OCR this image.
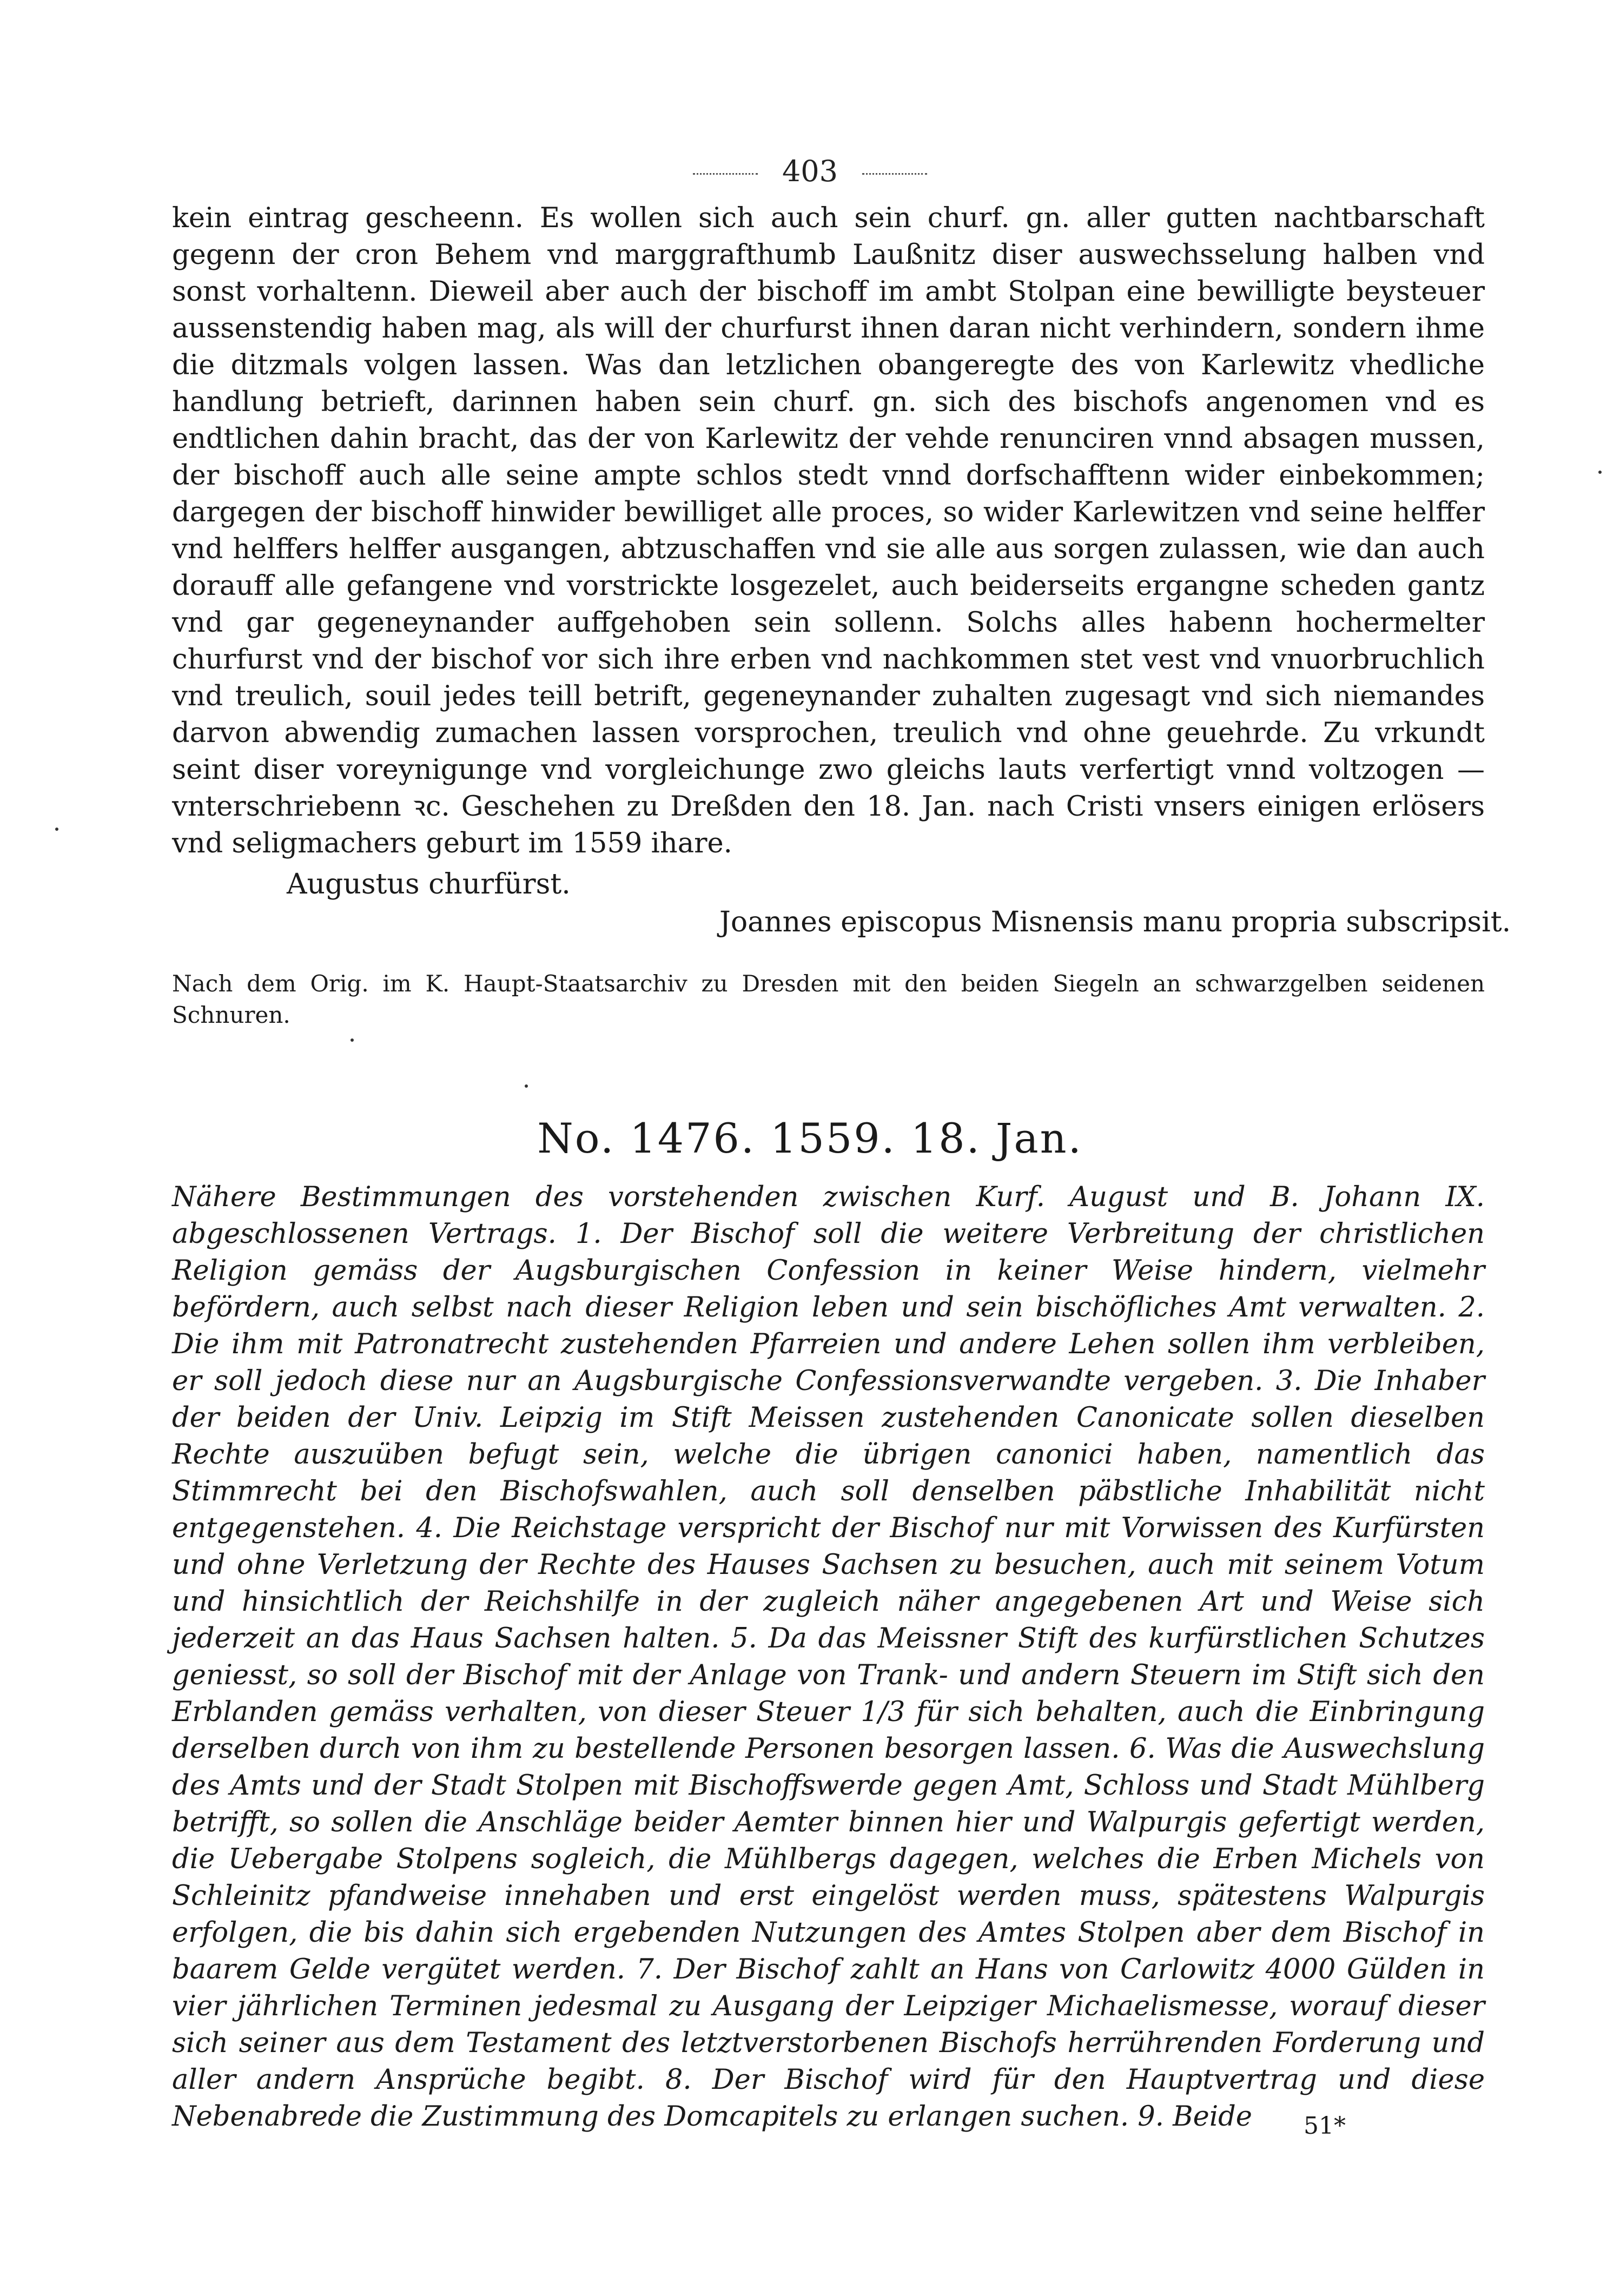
403

kein eintrag gescheenn. Es wollen sich auch sein churf. gn. aller gutten nachtbarschaft gegenn der cron Behem vnd marggrafthumb Laußnitz diser auswechsselung halben vnd sonst vorhaltenn. Dieweil aber auch der bischoff im ambt Stolpan eine bewilligte beysteuer aussenstendig haben mag, als will der churfurst ihnen daran nicht verhindern, sondern ihme die ditzmals volgen lassen. Was dan letzlichen obangeregte des von Karlewitz vhedliche handlung betrieft, darinnen haben sein churf. gn. sich des bischofs angenomen vnd es endtlichen dahin bracht, das der von Karlewitz der vehde renunciren vnnd absagen mussen, der bischoff auch alle seine ampte schlos stedt vnnd dorfschafftenn wider einbekommen; dargegen der bischoff hinwider bewilliget alle proces, so wider Karlewitzen vnd seine helffer vnd helffers helffer ausgangen, abtzuschaffen vnd sie alle aus sorgen zulassen, wie dan auch dorauff alle gefangene vnd vorstrickte losgezelet, auch beiderseits ergangne scheden gantz vnd gar gegeneynander auffgehoben sein sollenn. Solchs alles habenn hochermelter churfurst vnd der bischof vor sich ihre erben vnd nachkommen stet vest vnd vnuorbruchlich vnd treulich, souil jedes teill betrift, gegeneynander zuhalten zugesagt vnd sich niemandes darvon abwendig zumachen lassen vorsprochen, treulich vnd ohne geuehrde. Zu vrkundt seint diser voreynigunge vnd vorgleichunge zwo gleichs lauts verfertigt vnnd voltzogen — vnterschriebenn ꝛc. Geschehen zu Dreßden den 18. Jan. nach Cristi vnsers einigen erlösers vnd seligmachers geburt im 1559 ihare.

Augustus churfürst.
Joannes episcopus Misnensis manu propria subscripsit.
Nach dem Orig. im K. Haupt-Staatsarchiv zu Dresden mit den beiden Siegeln an schwarzgelben seidenen Schnuren.
No. 1476. 1559. 18. Jan.

Nähere Bestimmungen des vorstehenden zwischen Kurf. August und B. Johann IX. abgeschlossenen Vertrags. 1. Der Bischof soll die weitere Verbreitung der christlichen Religion gemäss der Augsburgischen Confession in keiner Weise hindern, vielmehr befördern, auch selbst nach dieser Religion leben und sein bischöfliches Amt verwalten. 2. Die ihm mit Patronatrecht zustehenden Pfarreien und andere Lehen sollen ihm verbleiben, er soll jedoch diese nur an Augsburgische Confessionsverwandte vergeben. 3. Die Inhaber der beiden der Univ. Leipzig im Stift Meissen zustehenden Canonicate sollen dieselben Rechte auszuüben befugt sein, welche die übrigen canonici haben, namentlich das Stimmrecht bei den Bischofswahlen, auch soll denselben päbstliche Inhabilität nicht entgegenstehen. 4. Die Reichstage verspricht der Bischof nur mit Vorwissen des Kurfürsten und ohne Verletzung der Rechte des Hauses Sachsen zu besuchen, auch mit seinem Votum und hinsichtlich der Reichshilfe in der zugleich näher angegebenen Art und Weise sich jederzeit an das Haus Sachsen halten. 5. Da das Meissner Stift des kurfürstlichen Schutzes geniesst, so soll der Bischof mit der Anlage von Trank- und andern Steuern im Stift sich den Erblanden gemäss verhalten, von dieser Steuer 1/3 für sich behalten, auch die Einbringung derselben durch von ihm zu bestellende Personen besorgen lassen. 6. Was die Auswechslung des Amts und der Stadt Stolpen mit Bischoffswerde gegen Amt, Schloss und Stadt Mühlberg betrifft, so sollen die Anschläge beider Aemter binnen hier und Walpurgis gefertigt werden, die Uebergabe Stolpens sogleich, die Mühlbergs dagegen, welches die Erben Michels von Schleinitz pfandweise innehaben und erst eingelöst werden muss, spätestens Walpurgis erfolgen, die bis dahin sich ergebenden Nutzungen des Amtes Stolpen aber dem Bischof in baarem Gelde vergütet werden. 7. Der Bischof zahlt an Hans von Carlowitz 4000 Gülden in vier jährlichen Terminen jedesmal zu Ausgang der Leipziger Michaelismesse, worauf dieser sich seiner aus dem Testament des letztverstorbenen Bischofs herrührenden Forderung und aller andern Ansprüche begibt. 8. Der Bischof wird für den Hauptvertrag und diese Nebenabrede die Zustimmung des Domcapitels zu erlangen suchen. 9. Beide	51*
